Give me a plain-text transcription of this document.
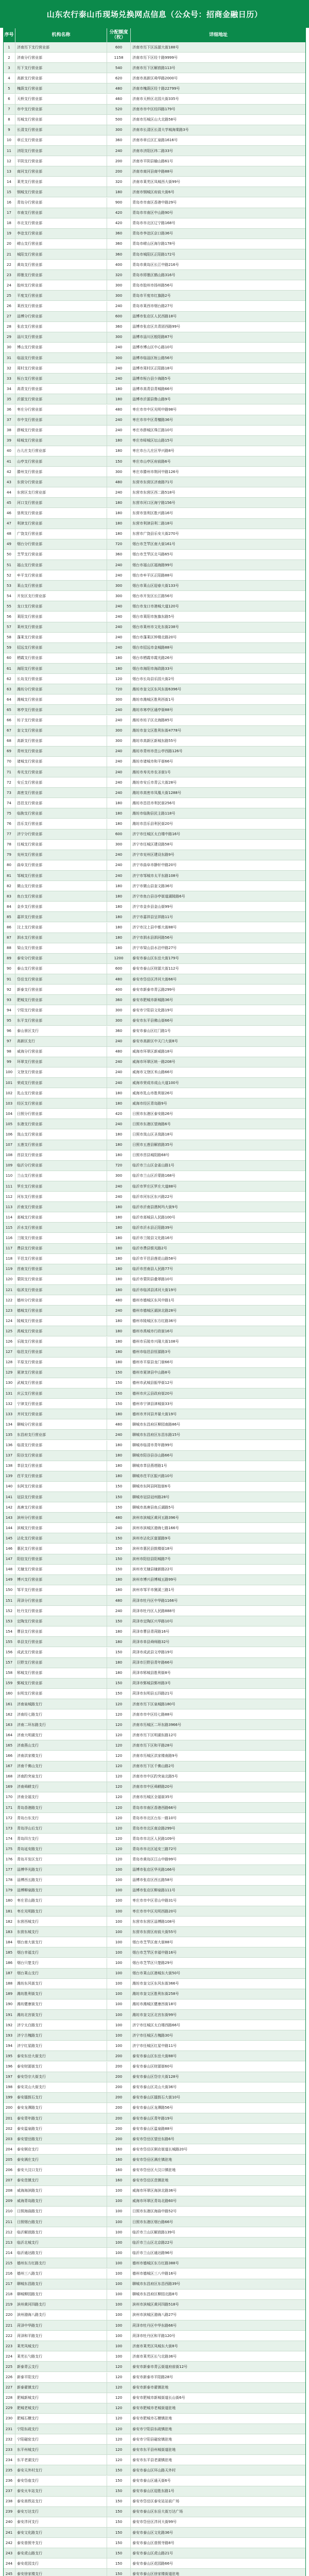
山东农行泰山币现场兑换网点信息（公众号：招商金融日历）
序号	机构名称	分配额度（枚）	详细地址
1	济南历下支行营业部	600	济南市历下区泺源大街188号
2	济南分行营业部	1158	济南市历下区经十路9999号
3	历下支行营业部	540	济南市历下区解放路113号
4	高新支行营业部	620	济南市高新区舜华路2000号
5	槐荫支行营业部	480	济南市槐荫区经十路22799号
6	天桥支行营业部	460	济南市天桥区北园大街335号
7	市中支行营业部	520	济南市市中区经四路179号
8	历城支行营业部	500	济南市历城区山大北路58号
9	长清支行营业部	300	济南市长清区长清大学城海棠路3号
10	章丘支行营业部	360	济南市章丘区汇泉路1616号
11	济阳支行营业部	240	济南市济阳区纬二路33号
12	平阴支行营业部	200	济南市平阴县榆山路61号
13	商河支行营业部	200	济南市商河县商中路88号
14	莱芜支行营业部	320	济南市莱芜区凤城西大街99号
15	钢城支行营业部	180	济南市钢城区府前大街6号
16	青岛分行营业部	900	青岛市市南区香港中路29号
17	市南支行营业部	420	青岛市市南区中山路90号
18	市北支行营业部	420	青岛市市北区辽宁路168号
19	李沧支行营业部	360	青岛市李沧区京口路36号
20	崂山支行营业部	360	青岛市崂山区海尔路178号
21	城阳支行营业部	360	青岛市城阳区正阳路172号
22	黄岛支行营业部	400	青岛市黄岛区长江中路216号
23	即墨支行营业部	320	青岛市即墨区鹤山路316号
24	胶州支行营业部	300	青岛市胶州市扬州路56号
25	平度支行营业部	300	青岛市平度市红旗路2号
26	莱西支行营业部	240	青岛市莱西市烟台路27号
27	淄博分行营业部	600	淄博市张店区人民西路18号
28	张店支行营业部	360	淄博市张店区共青团西路99号
29	淄川支行营业部	300	淄博市淄川区般阳路87号
30	博山支行营业部	240	淄博市博山区中心路10号
31	临淄支行营业部	300	淄博市临淄区桓公路56号
32	周村支行营业部	240	淄博市周村区正阳路18号
33	桓台支行营业部	240	淄博市桓台县少海路5号
34	高青支行营业部	180	淄博市高青县青城路66号
35	沂源支行营业部	180	淄博市沂源县鲁山路9号
36	枣庄分行营业部	480	枣庄市市中区光明中路98号
37	市中支行营业部	240	枣庄市市中区青檀路36号
38	薛城支行营业部	240	枣庄市薛城区珠江路10号
39	峄城支行营业部	180	枣庄市峄城区坛山路15号
40	台儿庄支行营业部	180	枣庄市台儿庄区华兴路8号
41	山亭支行营业部	150	枣庄市山亭区府前路6号
42	滕州支行营业部	300	枣庄市滕州市荆河中路126号
43	东营分行营业部	480	东营市东营区济南路71号
44	东营区支行营业部	240	东营市东营区西二路518号
45	河口支行营业部	180	东营市河口区海宁路156号
46	垦利支行营业部	180	东营市垦利区胜兴路16号
47	利津支行营业部	180	东营市利津县利二路18号
48	广饶支行营业部	180	东营市广饶县乐安大街270号
49	烟台分行营业部	720	烟台市芝罘区南大街161号
50	芝罘支行营业部	360	烟台市芝罘区北马路65号
51	福山支行营业部	240	烟台市福山区福海路99号
52	牟平支行营业部	240	烟台市牟平区正阳路88号
53	莱山支行营业部	300	烟台市莱山区迎春大街133号
54	开发区支行营业部	300	烟台市开发区长江路56号
55	龙口支行营业部	240	烟台市龙口市港城大道120号
56	莱阳支行营业部	240	烟台市莱阳市旌旗东路5号
57	莱州支行营业部	240	烟台市莱州市文化东街238号
58	蓬莱支行营业部	240	烟台市蓬莱区钟楼北路20号
59	招远支行营业部	240	烟台市招远市金城路88号
60	栖霞支行营业部	180	烟台市栖霞市霞光路26号
61	海阳支行营业部	180	烟台市海阳市海政路33号
62	长岛支行营业部	120	烟台市长岛县乐园大街2号
63	潍坊分行营业部	720	潍坊市奎文区东风东街6396号
64	潍城支行营业部	300	潍坊市潍城区胜利西街1号
65	寒亭支行营业部	240	潍坊市寒亭区通亭街88号
66	坊子支行营业部	240	潍坊市坊子区北海路85号
67	奎文支行营业部	300	潍坊市奎文区胜利东街4778号
68	高新支行营业部	300	潍坊市高新区新城东路55号
69	青州支行营业部	240	潍坊市青州市范公亭西路126号
70	诸城支行营业部	240	潍坊市诸城市和平街66号
71	寿光支行营业部	240	潍坊市寿光市农圣街1号
72	安丘支行营业部	240	潍坊市安丘市青云大街28号
73	高密支行营业部	240	潍坊市高密市凤凰大街1288号
74	昌邑支行营业部	180	潍坊市昌邑市利民街256号
75	临朐支行营业部	180	潍坊市临朐县民主路118号
76	昌乐支行营业部	180	潍坊市昌乐县利民街20号
77	济宁分行营业部	600	济宁市任城区太白楼中路16号
78	任城支行营业部	300	济宁市任城区建设路58号
79	兖州支行营业部	240	济宁市兖州区建设东路9号
80	曲阜支行营业部	240	济宁市曲阜市静轩中路20号
81	邹城支行营业部	240	济宁市邹城市太平东路108号
82	微山支行营业部	180	济宁市微山县奎文路36号
83	鱼台支行营业部	180	济宁市鱼台县谷亭街道湖陵路6号
84	金乡支行营业部	180	济宁市金乡县金山街99号
85	嘉祥支行营业部	180	济宁市嘉祥县呈祥路11号
86	汶上支行营业部	180	济宁市汶上县中都大街88号
87	泗水支行营业部	180	济宁市泗水县泗河路56号
88	梁山支行营业部	180	济宁市梁山县水泊中路27号
89	泰安分行营业部	1200	泰安市泰山区东岳大街179号
90	泰山支行营业部	600	泰安市泰山区财源大街112号
91	岱岳支行营业部	480	泰安市岱岳区泮河大街66号
92	新泰支行营业部	400	泰安市新泰市青云路299号
93	肥城支行营业部	360	泰安市肥城市新城路36号
94	宁阳支行营业部	300	泰安市宁阳县文化路19号
95	东平支行营业部	300	泰安市东平县佛山街66号
96	泰山景区支行	360	泰安市泰山区红门路1号
97	高新区支行	240	泰安市高新区中天门大街8号
98	威海分行营业部	480	威海市环翠区新威路18号
99	环翠支行营业部	240	威海市环翠区统一路208号
100	文登支行营业部	240	威海市文登区米山路66号
101	荣成支行营业部	240	威海市荣成市成山大道100号
102	乳山支行营业部	180	威海市乳山市胜利街26号
103	经区支行营业部	180	威海市经区青岛路9号
104	日照分行营业部	420	日照市东港区泰安路26号
105	东港支行营业部	240	日照市东港区望海路6号
106	岚山支行营业部	180	日照市岚山区圣岚路18号
107	五莲支行营业部	180	日照市五莲县解放路35号
108	莒县支行营业部	180	日照市莒县城阳路68号
109	临沂分行营业部	720	临沂市兰山区金雀山路1号
110	兰山支行营业部	300	临沂市兰山区沂蒙路168号
111	罗庄支行营业部	240	临沂市罗庄区罗庄大道88号
112	河东支行营业部	240	临沂市河东区东兴路22号
113	沂南支行营业部	180	临沂市沂南县澳柯玛大街9号
114	郯城支行营业部	180	临沂市郯城县人民路100号
115	沂水支行营业部	180	临沂市沂水县正阳路39号
116	兰陵支行营业部	180	临沂市兰陵县文化路16号
117	费县支行营业部	180	临沂市费县银光路2号
118	平邑支行营业部	180	临沂市平邑县莲花山路58号
119	莒南支行营业部	180	临沂市莒南县人民路77号
120	蒙阴支行营业部	180	临沂市蒙阴县叠翠路10号
121	临沭支行营业部	180	临沂市临沭县沭河大街19号
122	德州分行营业部	480	德州市德城区东风中路1号
123	德城支行营业部	240	德州市德城区湖滨北路28号
124	陵城支行营业部	180	德州市陵城区东方红路36号
125	禹城支行营业部	180	德州市禹城市行政街16号
126	乐陵支行营业部	180	德州市乐陵市兴隆大街108号
127	临邑支行营业部	180	德州市临邑县恒源路3号
128	平原支行营业部	180	德州市平原县龙门街66号
129	夏津支行营业部	150	德州市夏津县中山路8号
130	武城支行营业部	150	德州市武城县振华街12号
131	庆云支行营业部	150	德州市庆云县政府街20号
132	宁津支行营业部	150	德州市宁津县津城街33号
133	齐河支行营业部	180	德州市齐河县齐晏大街19号
134	聊城分行营业部	480	聊城市东昌府区柳园南路86号
135	东昌府支行营业部	240	聊城市东昌府区东昌东路15号
136	临清支行营业部	180	聊城市临清市青年路99号
137	阳谷支行营业部	180	聊城市阳谷县谷山路66号
138	莘县支行营业部	180	聊城市莘县燕塔路1号
139	茌平支行营业部	180	聊城市茌平区振兴路10号
140	东阿支行营业部	150	聊城市东阿县阿胶街6号
141	冠县支行营业部	150	聊城市冠县冠州路28号
142	高唐支行营业部	150	聊城市高唐县鱼丘湖路5号
143	滨州分行营业部	480	滨州市滨城区黄河五路396号
144	滨城支行营业部	240	滨州市滨城区渤海七路166号
145	沾化支行营业部	150	滨州市沾化区富源路9号
146	惠民支行营业部	150	滨州市惠民县鼓楼街18号
147	阳信支行营业部	150	滨州市阳信县阳城路7号
148	无棣支行营业部	150	滨州市无棣县棣新路22号
149	博兴支行营业部	180	滨州市博兴县博城五路99号
150	邹平支行营业部	180	滨州市邹平市黛溪三路1号
151	菏泽分行营业部	480	菏泽市牡丹区中华路1166号
152	牡丹支行营业部	240	菏泽市牡丹区人民路888号
153	定陶支行营业部	150	菏泽市定陶区兴华路10号
154	曹县支行营业部	180	菏泽市曹县青菏路16号
155	单县支行营业部	180	菏泽市单县舜师路32号
156	成武支行营业部	150	菏泽市成武县文亭路19号
157	巨野支行营业部	180	菏泽市巨野县青年路66号
158	郓城支行营业部	180	菏泽市郓城县胜利街8号
159	鄄城支行营业部	150	菏泽市鄄城县鄄州路3号
160	东明支行营业部	150	菏泽市东明县五四路21号
161	济南泉城路支行	120	济南市历下区泉城路180号
162	济南经七路支行	120	济南市市中区经七路88号
163	济南二环东路支行	120	济南市历城区二环东路3966号
164	济南大明湖支行	120	济南市历下区明湖东路12号
165	济南燕山支行	120	济南市历下区和平路28号
166	济南洪家楼支行	120	济南市历城区洪家楼南路9号
167	济南千佛山支行	120	济南市历下区千佛山路2号
168	济南趵突泉支行	120	济南市市中区趵突泉北路5号
169	济南舜耕支行	120	济南市市中区舜耕路20号
170	济南全福支行	120	济南市历城区全福街35号
171	青岛香港路支行	120	青岛市市南区香港西路66号
172	青岛台东支行	120	青岛市市北区台东一路10号
173	青岛浮山后支行	120	青岛市市北区南京路299号
174	青岛四方支行	120	青岛市市北区人民路109号
175	青岛延安路支行	120	青岛市市北区延安三路72号
176	青岛开发区支行	120	青岛市黄岛区江山中路99号
177	淄博华光路支行	100	淄博市张店区华光路166号
178	淄博西五路支行	100	淄博市张店区西五路58号
179	淄博柳泉路支行	100	淄博市张店区柳泉路111号
180	枣庄君山路支行	100	枣庄市市中区君山中路31号
181	枣庄光明路支行	100	枣庄市市中区光明西路20号
182	东营西城支行	100	东营市东营区淄博路108号
183	东营东城支行	100	东营市东营区府前大街55号
184	烟台南大街支行	100	烟台市芝罘区南大街88号
185	烟台幸福支行	100	烟台市芝罘区幸福中路16号
186	烟台只楚支行	100	烟台市芝罘区只楚路29号
187	烟台莱山支行	100	烟台市莱山区港城东大街50号
188	潍坊东风街支行	100	潍坊市奎文区东风东街366号
189	潍坊胜利街支行	100	潍坊市奎文区胜利东街258号
190	潍坊健康街支行	100	潍坊市潍城区健康西街18号
191	潍坊北宫街支行	100	潍坊市奎文区北宫东街99号
192	济宁太白路支行	100	济宁市任城区太白楼西路66号
193	济宁古槐路支行	100	济宁市任城区古槐路30号
194	济宁红星路支行	100	济宁市任城区红星中路11号
195	泰安东岳大街支行	200	泰安市泰山区东岳大街88号
196	泰安财源街支行	200	泰安市泰山区财源街60号
197	泰安岱宗大街支行	200	泰安市泰山区岱宗大街128号
198	泰安灵山大街支行	200	泰安市泰山区灵山大街36号
199	泰安擂鼓石支行	200	泰安市泰山区擂鼓石大街10号
200	泰安龙潭路支行	200	泰安市泰山区龙潭路56号
201	泰安青年路支行	200	泰安市泰山区青年路19号
202	泰安温泉路支行	200	泰安市泰山区温泉路88号
203	泰安望岳路支行	200	泰安市岱岳区望岳东路6号
204	泰安粥店支行	160	泰安市岱岳区粥店街道长城路20号
205	泰安满庄支行	160	泰安市岱岳区满庄镇驻地
206	泰安大汶口支行	160	泰安市岱岳区大汶口镇驻地
207	泰安范镇支行	160	泰安市岱岳区范镇驻地
208	威海海滨路支行	100	威海市环翠区海滨北路36号
209	威海青岛路支行	100	威海市环翠区青岛北路60号
210	日照海曲路支行	100	日照市东港区海曲中路52号
211	日照烟台路支行	100	日照市东港区烟台路66号
212	临沂解放路支行	100	临沂市兰山区解放路139号
213	临沂北城支行	100	临沂市兰山区北京路22号
214	临沂通达路支行	100	临沂市兰山区通达路96号
215	德州东方红路支行	100	德州市德城区东方红路388号
216	德州三八路支行	100	德州市德城区三八中路16号
217	聊城东昌路支行	100	聊城市东昌府区东昌西路39号
218	聊城柳园路支行	100	聊城市东昌府区柳园北路8号
219	滨州黄河四路支行	100	滨州市滨城区黄河四路518号
220	滨州渤海八路支行	100	滨州市滨城区渤海八路27号
221	菏泽中华路支行	100	菏泽市牡丹区中华东路66号
222	菏泽和平路支行	100	菏泽市牡丹区和平路120号
223	莱芜凤城支行	100	济南市莱芜区凤城东大街8号
224	莱芜长勺路支行	100	济南市莱芜区长勺北路36号
225	新泰青云支行	120	泰安市新泰市青云街道府前街12号
226	新泰平阳支行	120	泰安市新泰市平阳路28号
227	新泰翟镇支行	120	泰安市新泰市翟镇驻地
228	肥城新城支行	120	泰安市肥城市新城街道长山街6号
229	肥城老城支行	120	泰安市肥城市老城街道驻地
230	肥城石横支行	120	泰安市肥城市石横镇驻地
231	宁阳东疏支行	120	泰安市宁阳县东疏镇驻地
232	宁阳磁窑支行	120	泰安市宁阳县磁窑镇驻地
233	东平州城支行	120	泰安市东平县州城街道驻地
234	东平老湖支行	120	泰安市东平县老湖镇驻地
235	泰安天外村支行	150	泰安市泰山区环山路天外村
236	泰安岱庙支行	150	泰安市泰山区通天街6号
237	泰安火车站支行	150	泰安市泰山区迎胜东路1号
238	泰安高铁站支行	150	泰安市岱岳区泰安站站前广场
239	泰安万达支行	150	泰安市泰山区东岳大街万达广场
240	泰安泮河支行	150	泰安市岱岳区泮河大街99号
241	泰安文化路支行	150	泰安市泰山区文化路36号
242	泰安普照寺支行	150	泰安市泰山区普照寺路8号
243	泰安虎山路支行	150	泰安市泰山区虎山路21号
244	泰安花园支行	150	泰安市泰山区花园路66号
245	泰安徐家楼支行	150	泰安市泰山区徐家楼街道驻地
